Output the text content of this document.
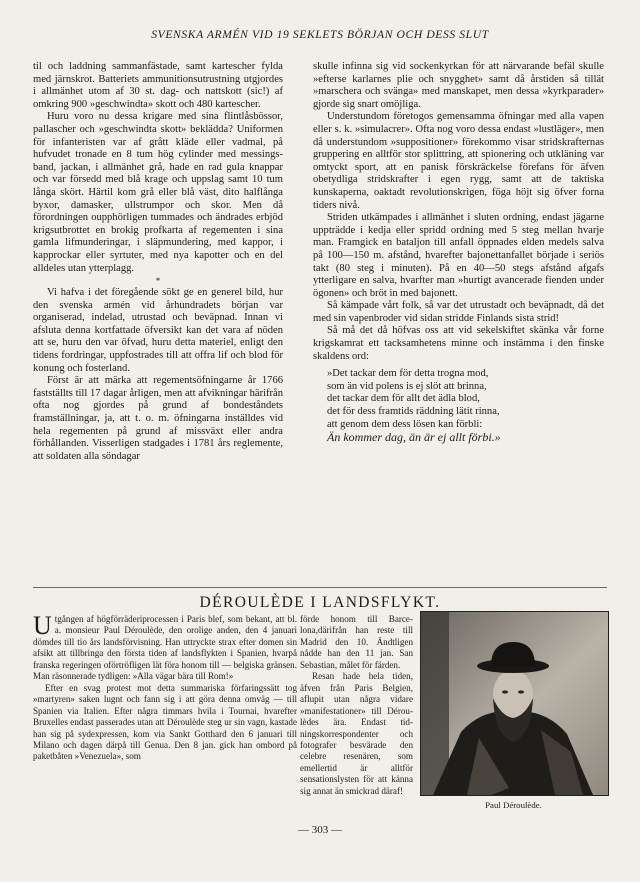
SVENSKA ARMÉN VID 19 SEKLETS BÖRJAN OCH DESS SLUT

til och laddning sammanfästade, samt kartescher fylda med järnskrot. Batteriets ammunitionsutrustning utgjordes i allmänhet utom af 30 st. dag- och nattskott (sic!) af omkring 900 »geschwindta» skott och 480 kartescher.

Huru voro nu dessa krigare med sina flintlåsbössor, pallascher och »geschwindta skott» beklädda? Uniformen för infanteristen var af grått kläde eller vadmal, på hufvudet tronade en 8 tum hög cylinder med messingsband, jackan, i allmänhet grå, hade en rad gula knappar och var försedd med blå krage och uppslag samt 10 tum långa skört. Härtil kom grå eller blå väst, dito halflånga byxor, damasker, ullstrumpor och skor. Men då förordningen oupphörligen tummades och ändrades erbjöd krigsutbrottet en brokig profkarta af regementen i sina gamla lifmunderingar, i släpmundering, med kappor, i kapprockar eller syrtuter, med nya kapotter och en del alldeles utan ytterplagg.

*

Vi hafva i det föregående sökt ge en generel bild, hur den svenska armén vid århundradets början var organiserad, indelad, utrustad och beväpnad. Innan vi afsluta denna kortfattade öfversikt kan det vara af nöden att se, huru den var öfvad, huru detta materiel, enligt den tidens fordringar, uppfostrades till att offra lif och blod för konung och fosterland.

Först är att märka att regementsöfningarne år 1766 fastställts till 17 dagar årligen, men att afvikningar härifrån ofta nog gjordes på grund af bondeståndets framställningar, ja, att t. o. m. öfningarna inställdes vid hela regementen på grund af missväxt eller andra förhållanden. Visserligen stadgades i 1781 års reglemente, att soldaten alla söndagar

skulle infinna sig vid sockenkyrkan för att närvarande befäl skulle »efterse karlarnes plie och snygghet» samt då årstiden så tillät »marschera och svänga» med manskapet, men dessa »kyrkparader» gjorde sig snart omöjliga.

Understundom företogos gemensamma öfningar med alla vapen eller s. k. »simulacrer». Ofta nog voro dessa endast »lustläger», men då understundom »suppositioner» förekommo visar stridskrafternas gruppering en alltför stor splittring, att spionering och utkläning var omtyckt sport, att en panisk förskräckelse förefans för äfven obetydliga stridskrafter i egen rygg, samt att de taktiska kunskaperna, oaktadt revolutionskrigen, föga höjt sig öfver forna tiders nivå.

Striden utkämpades i allmänhet i sluten ordning, endast jägarne uppträdde i kedja eller spridd ordning med 5 steg mellan hvarje man. Framgick en bataljon till anfall öppnades elden medels salva på 100—150 m. afstånd, hvarefter bajonettanfallet började i seriös takt (80 steg i minuten). På en 40—50 stegs afstånd afgafs ytterligare en salva, hvarfter man »hurtigt avancerade fienden under ögonen» och bröt in med bajonett.

Så kämpade vårt folk, så var det utrustadt och beväpnadt, då det med sin vapenbroder vid sidan stridde Finlands sista strid!

Så må det då höfvas oss att vid sekelskiftet skänka vår forne krigskamrat ett tacksamhetens minne och instämma i den finske skaldens ord:

»Det tackar dem för detta trogna mod,
som än vid polens is ej slöt att brinna,
det tackar dem för allt det ädla blod,
det för dess framtids räddning lätit rinna,
att genom dem dess lösen kan förbli:
Än kommer dag, än är ej allt förbi.»
DÉROULÈDE I LANDSFLYKT.

Utgången af högförräderiprocessen i Paris blef, som bekant, att bl. a. monsieur Paul Déroulède, den oroligе anden, den 4 januari dömdes till tio års landsförvisning. Han uttryckte strax efter domen sin afsikt att tillbringa den första tiden af landsflykten i Spanien, hvarpå franska regeringen oförtröfligen lät föra honom till — belgiska gränsen. Man räsonnerade tydligen: »Alla vägar bära till Rom!»

Efter en svag protest mot detta summariska förfaringssätt tog »martyren» saken lugnt och fann sig i att göra denna omväg — till Spanien via Italien. Efter några timmars hvila i Tournai, hvarefter Bruxelles endast passerades utan att Déroulède steg ur sin vagn, kastade han sig på sydexpressen, kom via Sankt Gotthard den 6 januari till Milano och dagen därpå till Genua. Den 8 jan. gick han ombord på paketbåten »Venezuela», som

förde honom till Barcelona,därifrån han reste till Madrid den 10. Ändtligen nådde han den 11 jan. San Sebastian, målet för färden.

Resan hade hela tiden, äfven från Paris Belgien, aflupit utan några vidare »manifestationer» till Déroulèdes ära. Endast tidningskorrespondenter och fotografer besvärade den celebre resenären, som emellertid är alltför sensationslysten för att känna sig annat än smickrad däraf!

Paul Déroulède.
— 303 —
